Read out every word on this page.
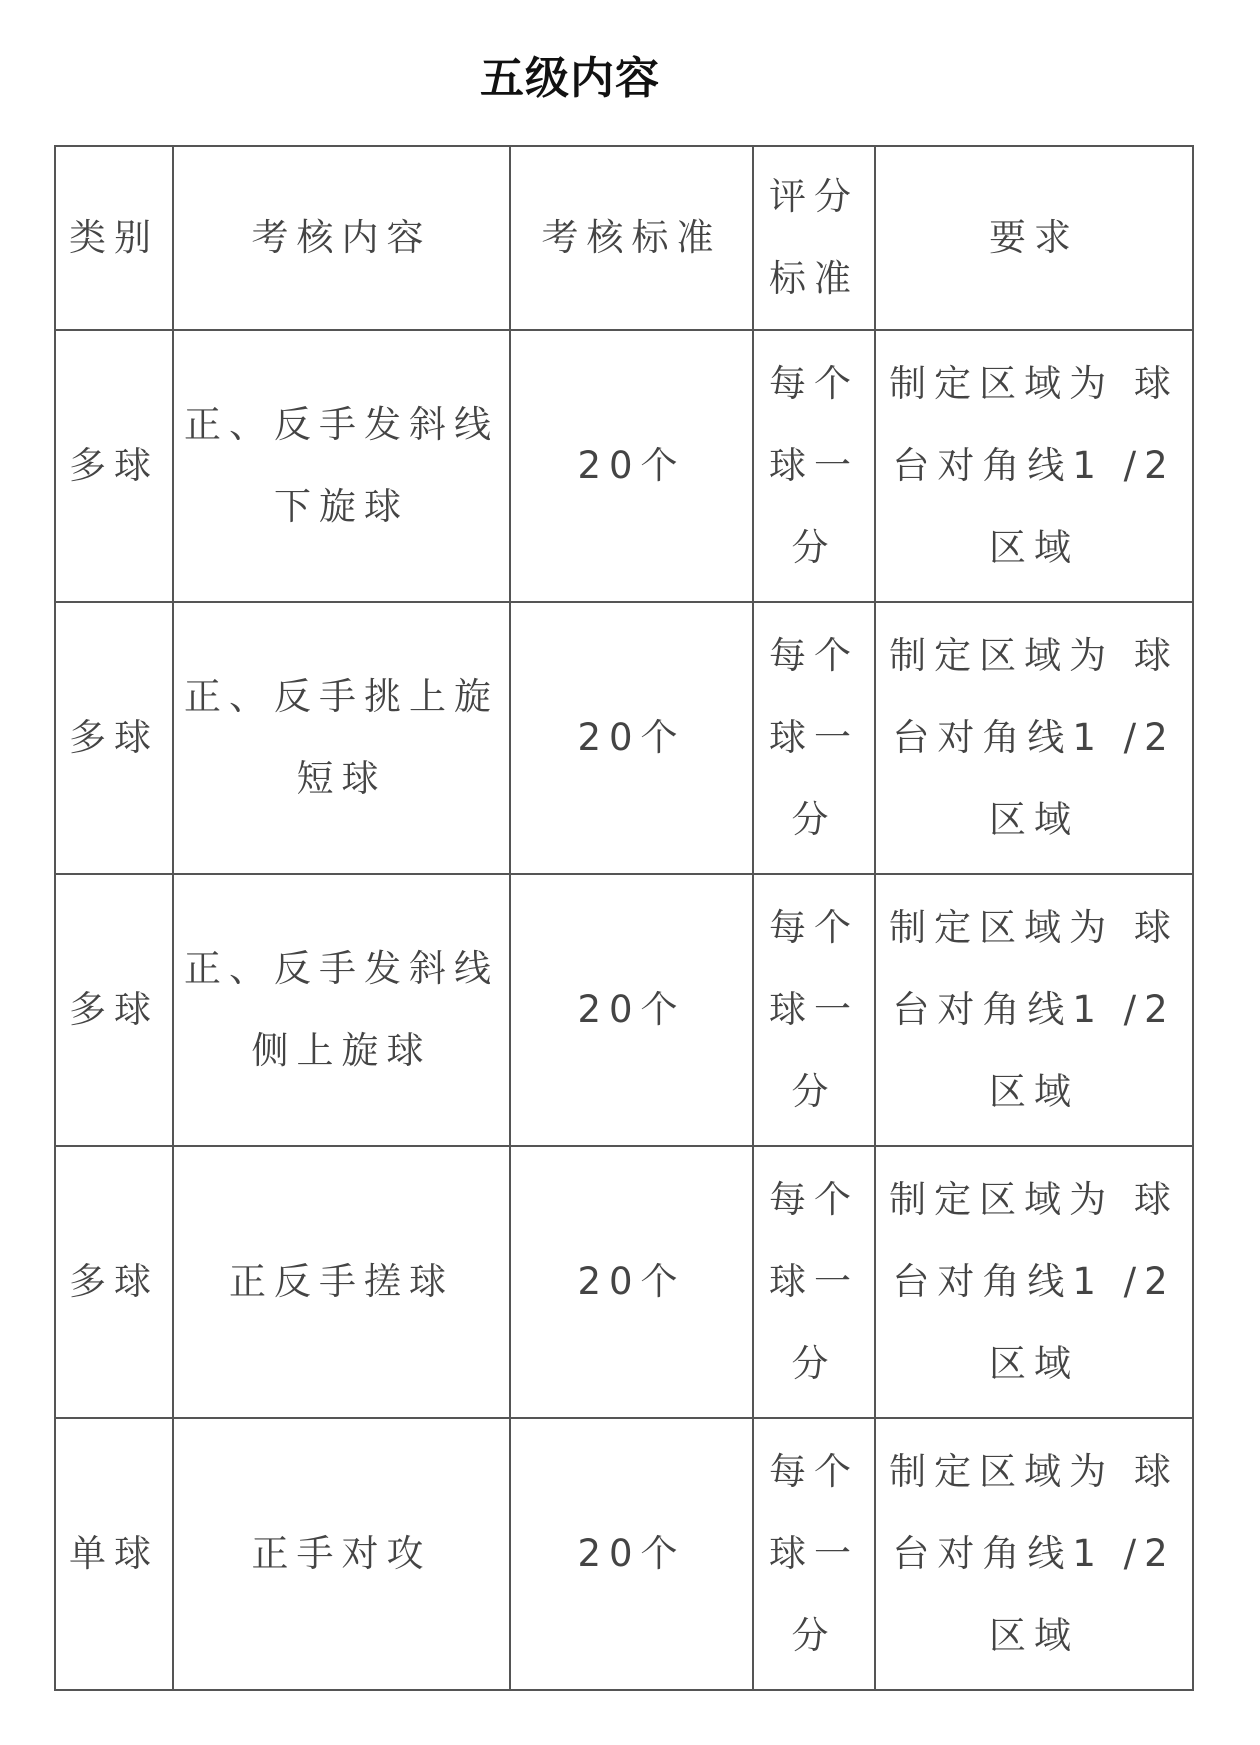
五级内容
类别	考核内容	考核标准	评分标准	要求
多球	正、反手发斜线下旋球	20个	每个球一分	制定区域为 球台对角线1 /2区域
多球	正、反手挑上旋短球	20个	每个球一分	制定区域为 球台对角线1 /2区域
多球	正、反手发斜线侧上旋球	20个	每个球一分	制定区域为 球台对角线1 /2区域
多球	正反手搓球	20个	每个球一分	制定区域为 球台对角线1 /2区域
单球	正手对攻	20个	每个球一分	制定区域为 球台对角线1 /2区域
